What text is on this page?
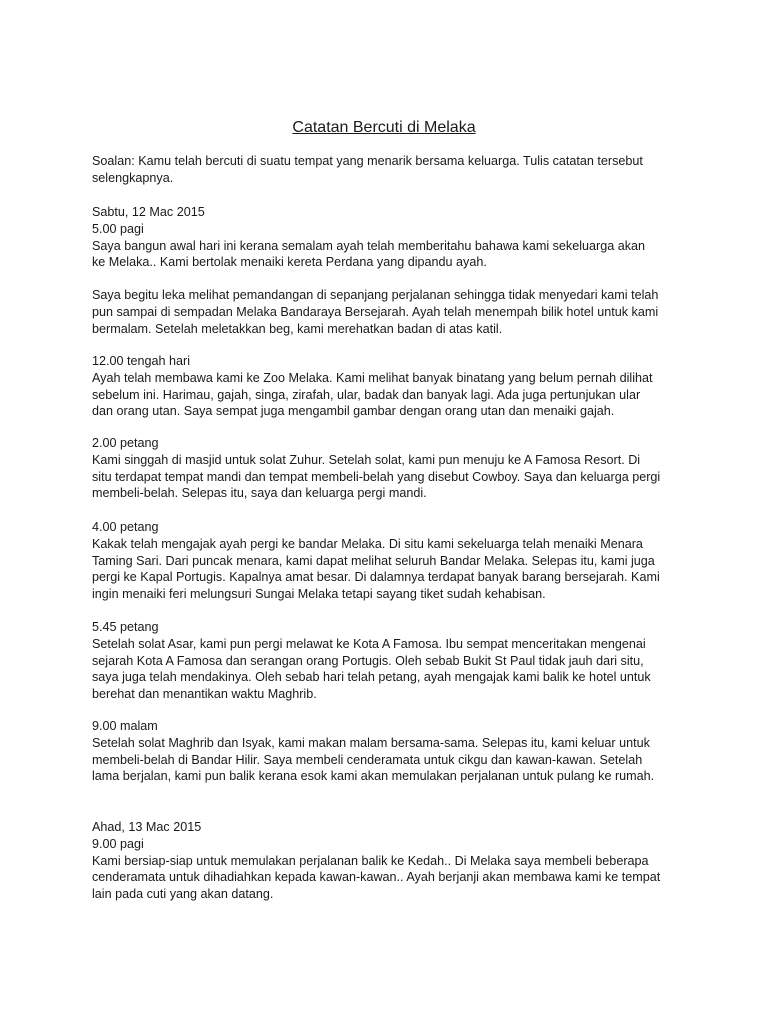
Catatan Bercuti di Melaka
Soalan: Kamu telah bercuti di suatu tempat yang menarik bersama keluarga. Tulis catatan tersebut
selengkapnya.
Sabtu, 12 Mac 2015
5.00 pagi
Saya bangun awal hari ini kerana semalam ayah telah memberitahu bahawa kami sekeluarga akan
ke Melaka.. Kami bertolak menaiki kereta Perdana yang dipandu ayah.
Saya begitu leka melihat pemandangan di sepanjang perjalanan sehingga tidak menyedari kami telah
pun sampai di sempadan Melaka Bandaraya Bersejarah. Ayah telah menempah bilik hotel untuk kami
bermalam. Setelah meletakkan beg, kami merehatkan badan di atas katil.
12.00 tengah hari
Ayah telah membawa kami ke Zoo Melaka. Kami melihat banyak binatang yang belum pernah dilihat
sebelum ini. Harimau, gajah, singa, zirafah, ular, badak dan banyak lagi. Ada juga pertunjukan ular
dan orang utan. Saya sempat juga mengambil gambar dengan orang utan dan menaiki gajah.
2.00 petang
Kami singgah di masjid untuk solat Zuhur. Setelah solat, kami pun menuju ke A Famosa Resort. Di
situ terdapat tempat mandi dan tempat membeli-belah yang disebut Cowboy. Saya dan keluarga pergi
membeli-belah. Selepas itu, saya dan keluarga pergi mandi.
4.00 petang
Kakak telah mengajak ayah pergi ke bandar Melaka. Di situ kami sekeluarga telah menaiki Menara
Taming Sari. Dari puncak menara, kami dapat melihat seluruh Bandar Melaka. Selepas itu, kami juga
pergi ke Kapal Portugis. Kapalnya amat besar. Di dalamnya terdapat banyak barang bersejarah. Kami
ingin menaiki feri melungsuri Sungai Melaka tetapi sayang tiket sudah kehabisan.
5.45 petang
Setelah solat Asar, kami pun pergi melawat ke Kota A Famosa. Ibu sempat menceritakan mengenai
sejarah Kota A Famosa dan serangan orang Portugis. Oleh sebab Bukit St Paul tidak jauh dari situ,
saya juga telah mendakinya. Oleh sebab hari telah petang, ayah mengajak kami balik ke hotel untuk
berehat dan menantikan waktu Maghrib.
9.00 malam
Setelah solat Maghrib dan Isyak, kami makan malam bersama-sama. Selepas itu, kami keluar untuk
membeli-belah di Bandar Hilir. Saya membeli cenderamata untuk cikgu dan kawan-kawan. Setelah
lama berjalan, kami pun balik kerana esok kami akan memulakan perjalanan untuk pulang ke rumah.
Ahad, 13 Mac 2015
9.00 pagi
Kami bersiap-siap untuk memulakan perjalanan balik ke Kedah.. Di Melaka saya membeli beberapa
cenderamata untuk dihadiahkan kepada kawan-kawan.. Ayah berjanji akan membawa kami ke tempat
lain pada cuti yang akan datang.
